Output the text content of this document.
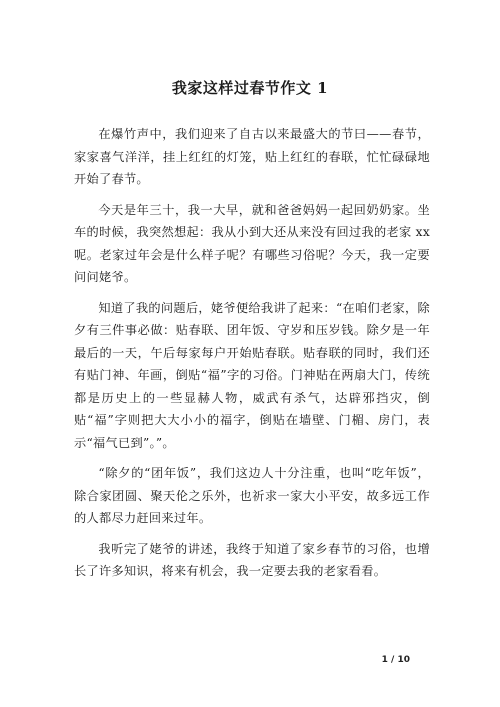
我家这样过春节作文 1

在爆竹声中，我们迎来了自古以来最盛大的节曰——春节，家家喜气洋洋，挂上红红的灯笼，贴上红红的春联，忙忙碌碌地开始了春节。

今天是年三十，我一大早，就和爸爸妈妈一起回奶奶家。坐车的时候，我突然想起：我从小到大还从来没有回过我的老家 xx 呢。老家过年会是什么样子呢？有哪些习俗呢？今天，我一定要问问姥爷。

知道了我的问题后，姥爷便给我讲了起来：“在咱们老家，除夕有三件事必做：贴春联、团年饭、守岁和压岁钱。除夕是一年最后的一天，午后每家每户开始贴春联。贴春联的同时，我们还有贴门神、年画，倒贴“福”字的习俗。门神贴在两扇大门，传统都是历史上的一些显赫人物，威武有杀气，达辟邪挡灾，倒贴“福”字则把大大小小的福字，倒贴在墙壁、门楣、房门，表示“福气已到”。”。

“除夕的“团年饭”，我们这边人十分注重，也叫“吃年饭”，除合家团圆、聚天伦之乐外，也祈求一家大小平安，故多远工作的人都尽力赶回来过年。

我听完了姥爷的讲述，我终于知道了家乡春节的习俗，也增长了许多知识，将来有机会，我一定要去我的老家看看。

1 / 10
